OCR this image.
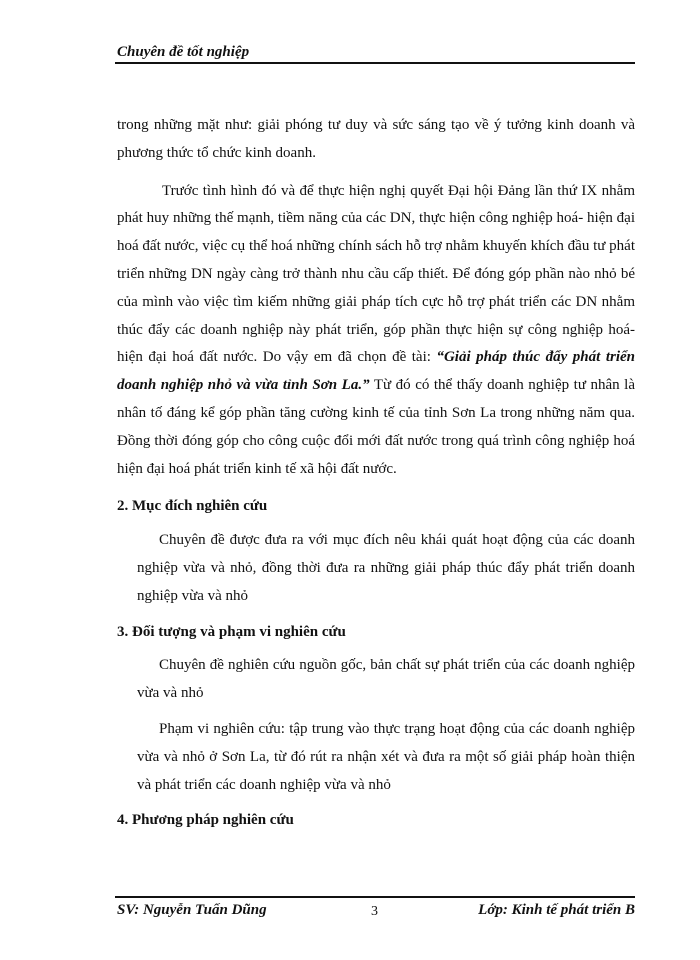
Chuyên đề tốt nghiệp

trong những mặt như: giải phóng tư duy và sức sáng tạo về ý tưởng kinh doanh và phương thức tổ chức kinh doanh.

Trước tình hình đó và để thực hiện nghị quyết Đại hội Đảng lần thứ IX nhằm phát huy những thế mạnh, tiềm năng của các DN, thực hiện công nghiệp hoá- hiện đại hoá đất nước, việc cụ thể hoá những chính sách hỗ trợ nhằm khuyến khích đầu tư phát triển những DN ngày càng trở thành nhu cầu cấp thiết. Để đóng góp phần nào nhỏ bé của mình vào việc tìm kiếm những giải pháp tích cực hỗ trợ phát triển các DN nhằm thúc đẩy các doanh nghiệp này phát triển, góp phần thực hiện sự công nghiệp hoá- hiện đại hoá đất nước. Do vậy em đã chọn đề tài: “Giải pháp thúc đẩy phát triển doanh nghiệp nhỏ và vừa tỉnh Sơn La.” Từ đó có thể thấy doanh nghiệp tư nhân là nhân tố đáng kể góp phần tăng cường kinh tế của tỉnh Sơn La trong những năm qua. Đồng thời đóng góp cho công cuộc đổi mới đất nước trong quá trình công nghiệp hoá hiện đại hoá phát triển kinh tế xã hội đất nước.

2. Mục đích nghiên cứu

Chuyên đề được đưa ra với mục đích nêu khái quát hoạt động của các doanh nghiệp vừa và nhỏ, đồng thời đưa ra những giải pháp thúc đẩy phát triển doanh nghiệp vừa và nhỏ

3. Đối tượng và phạm vi nghiên cứu

Chuyên đề nghiên cứu nguồn gốc, bản chất sự phát triển của các doanh nghiệp vừa và nhỏ

Phạm vi nghiên cứu: tập trung vào thực trạng hoạt động của các doanh nghiệp vừa và nhỏ ở Sơn La, từ đó rút ra nhận xét và đưa ra một số giải pháp hoàn thiện và phát triển các doanh nghiệp vừa và nhỏ

4. Phương pháp nghiên cứu
SV: Nguyễn Tuấn Dũng	3	Lớp: Kinh tế phát triển B
